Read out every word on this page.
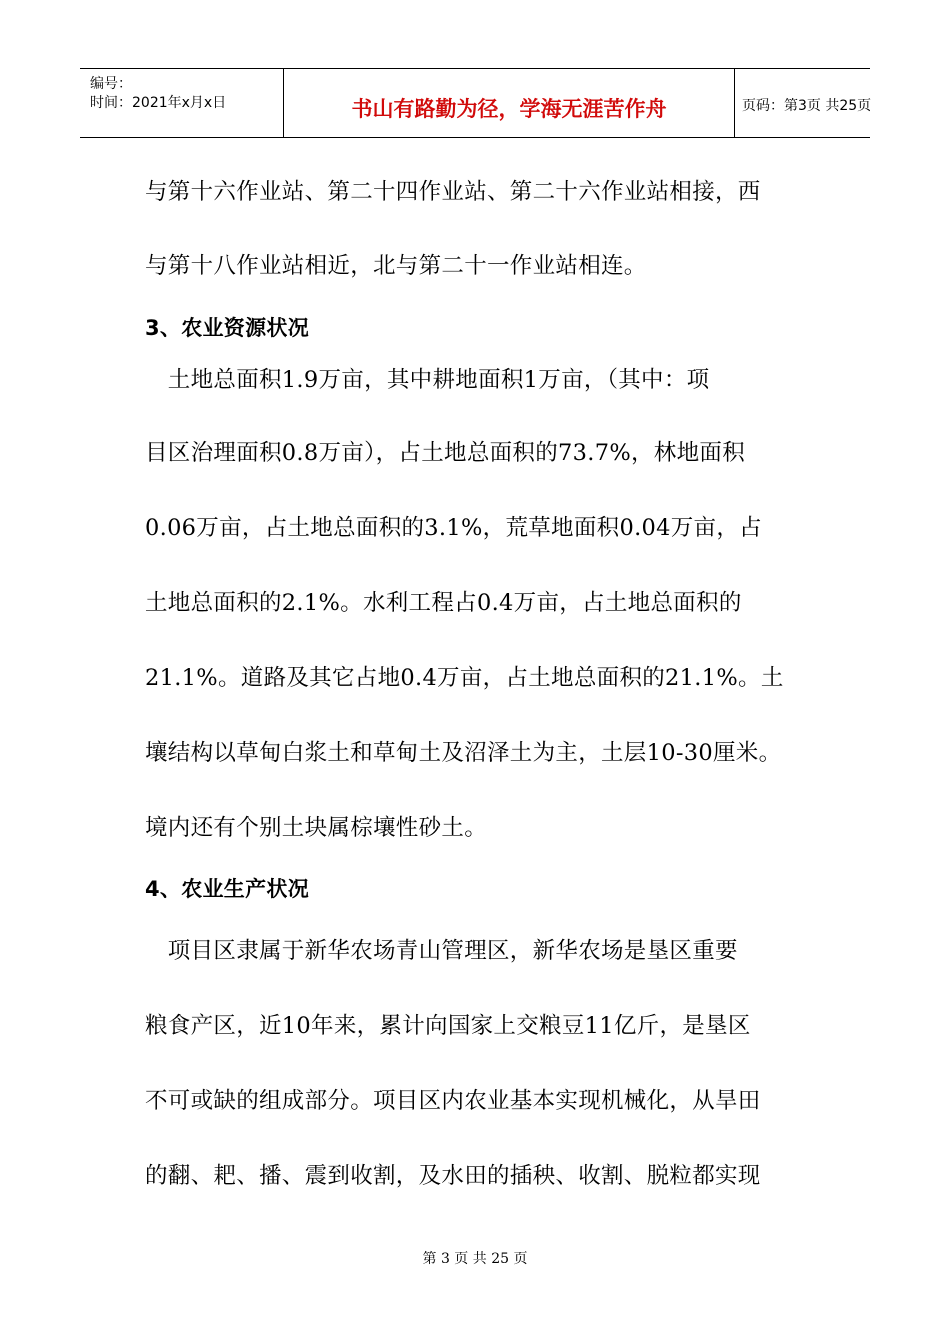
编号：
时间：2021年x月x日	书山有路勤为径，学海无涯苦作舟	页码：第3页 共25页
与第十六作业站、第二十四作业站、第二十六作业站相接，西
与第十八作业站相近，北与第二十一作业站相连。
3、农业资源状况
　土地总面积1.9万亩，其中耕地面积1万亩，（其中：项
目区治理面积0.8万亩），占土地总面积的73.7%，林地面积
0.06万亩，占土地总面积的3.1%，荒草地面积0.04万亩，占
土地总面积的2.1%。水利工程占0.4万亩，占土地总面积的
21.1%。道路及其它占地0.4万亩，占土地总面积的21.1%。土
壤结构以草甸白浆土和草甸土及沼泽土为主，土层10-30厘米。
境内还有个别土块属棕壤性砂土。
4、农业生产状况
　项目区隶属于新华农场青山管理区，新华农场是垦区重要
粮食产区，近10年来，累计向国家上交粮豆11亿斤，是垦区
不可或缺的组成部分。项目区内农业基本实现机械化，从旱田
的翻、耙、播、震到收割，及水田的插秧、收割、脱粒都实现
第 3 页 共 25 页
